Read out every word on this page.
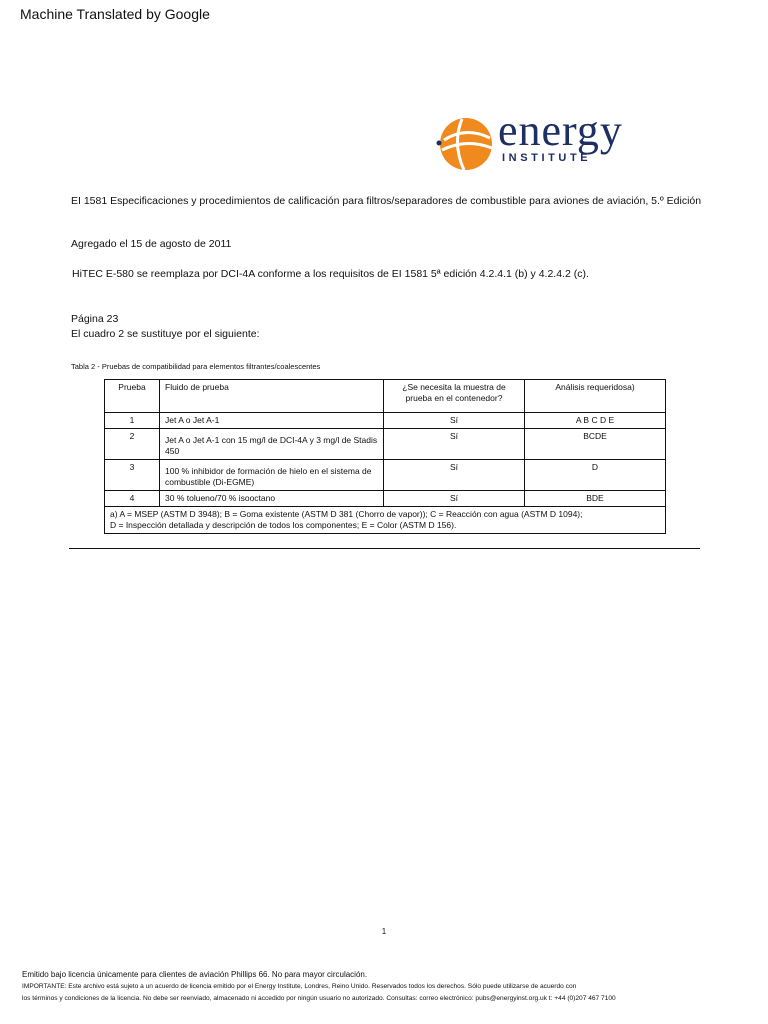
Machine Translated by Google
energy
INSTITUTE
EI 1581 Especificaciones y procedimientos de calificación para filtros/separadores de combustible para aviones de aviación, 5.º Edición
Agregado el 15 de agosto de 2011
HiTEC E-580 se reemplaza por DCI-4A conforme a los requisitos de EI 1581 5ª edición 4.2.4.1 (b) y 4.2.4.2 (c).
Página 23
El cuadro 2 se sustituye por el siguiente:
Tabla 2 - Pruebas de compatibilidad para elementos filtrantes/coalescentes
Prueba	Fluido de prueba	¿Se necesita la muestra de prueba en el contenedor?	Análisis requeridosa)
1	Jet A o Jet A-1	Sí	A B C D E
2	Jet A o Jet A-1 con 15 mg/l de DCI-4A y 3 mg/l de Stadis 450	Sí	BCDE
3	100 % inhibidor de formación de hielo en el sistema de combustible (Di-EGME)	Sí	D
4	30 % tolueno/70 % isooctano	Sí	BDE

a) A = MSEP (ASTM D 3948); B = Goma existente (ASTM D 381 (Chorro de vapor)); C = Reacción con agua (ASTM D 1094);
D = Inspección detallada y descripción de todos los componentes; E = Color (ASTM D 156).			
1
Emitido bajo licencia únicamente para clientes de aviación Phillips 66. No para mayor circulación.
IMPORTANTE: Este archivo está sujeto a un acuerdo de licencia emitido por el Energy Institute, Londres, Reino Unido. Reservados todos los derechos. Sólo puede utilizarse de acuerdo con
los términos y condiciones de la licencia. No debe ser reenviado, almacenado ni accedido por ningún usuario no autorizado. Consultas: correo electrónico: pubs@energyinst.org.uk t: +44 (0)207 467 7100
